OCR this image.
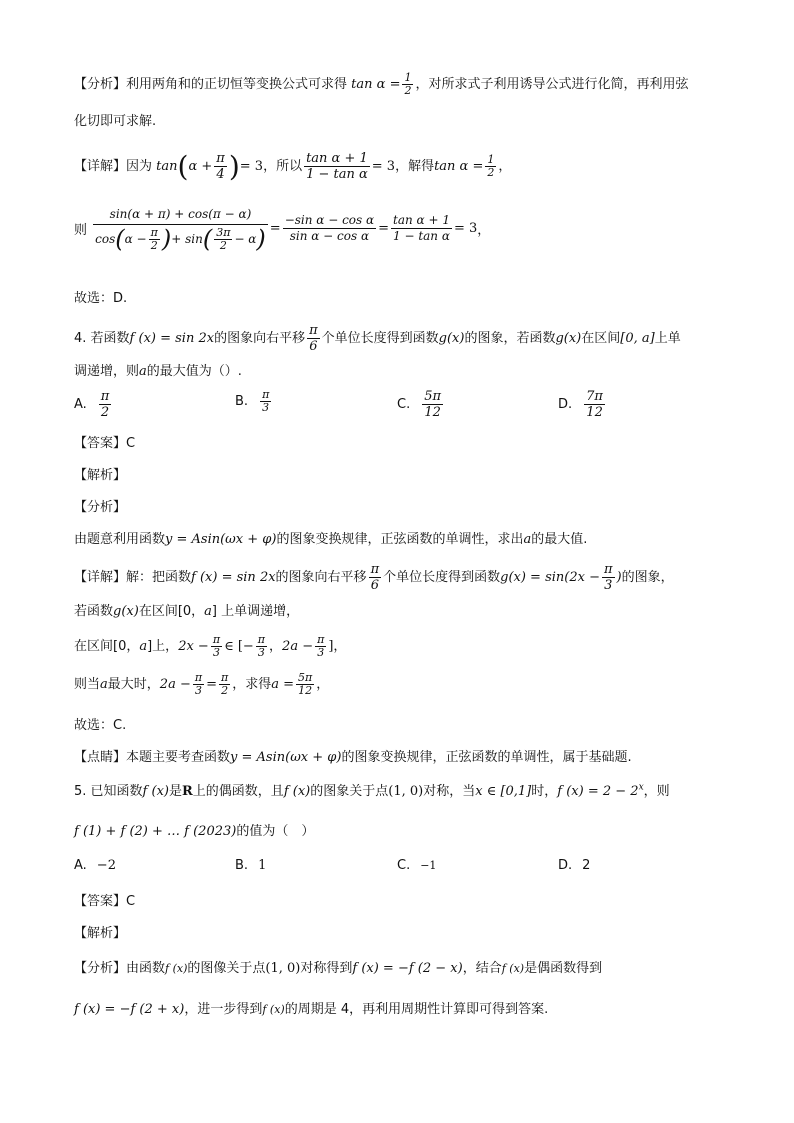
【分析】利用两角和的正切恒等变换公式可求得 $\tan \alpha = \frac{1}{2}$ ，对所求式子利用诱导公式进行化简，再利用弦
化切即可求解.
【详解】因为 $\tan(\alpha + \frac{\pi}{4}$ )= 3，所以 $\frac{\text{tan α + 1}}{\text{1 − tan α}} = 3$，解得$\tan \alpha = \frac{1}{2}$ ，
则 $\frac{\sin(\alpha + \pi) + \cos(\pi - \alpha)}{\cos(\alpha - \frac{\pi}{2} )+ \sin( \frac{3\pi}{2} - \alpha)} = \frac{\text{−sin α − cos α}}{\text{sin α − cos α}} = \frac{\text{tan α + 1}}{\text{1 − tan α}} = 3$，
故选：D.
4. 若函数f (x) = sin 2x的图象向右平移 $\frac{\pi}{6}$ 个单位长度得到函数g(x)的图象，若函数g(x)在区间[0, a]上单
调递增，则a的最大值为（）.
A. $\frac{\pi}{2}$	B. $\frac{\pi}{3}$	C. $\frac{5\pi}{12}$	D. $\frac{7\pi}{12}$
【答案】C
【解析】
【分析】
由题意利用函数y = Asin(ωx + φ)的图象变换规律，正弦函数的单调性，求出a的最大值.
【详解】解：把函数f (x) = sin 2x的图象向右平移 $\frac{\pi}{6}$ 个单位长度得到函数$g(x) = \sin(2x - \frac{\pi}{3}$ )的图象，
若函数g(x)在区间[0，a] 上单调递增，
在区间[0，a]上，$2x - \frac{\pi}{3}$ ∈ [− $\frac{\pi}{3}$ ，$2a - \frac{\pi}{3}$ ]，
则当a最大时，$2a - \frac{\pi}{3} = \frac{\pi}{2}$ ，求得$a = \frac{5\pi}{12}$ ，
故选：C.
【点睛】本题主要考查函数y = Asin(ωx + φ)的图象变换规律，正弦函数的单调性，属于基础题.
5. 已知函数f (x)是R上的偶函数，且f (x)的图象关于点(1, 0)对称，当x ∈ [0,1]时，f $(x) = 2 - 2^x$，则
f (1) + f (2) + … f (2023)的值为（　）
A. −2	B. 1	C. −1	D. 2
【答案】C
【解析】
【分析】由函数f (x)的图像关于点(1, 0)对称得到f (x) = −f (2 − x)，结合f (x)是偶函数得到
f (x) = −f (2 + x)，进一步得到f (x)的周期是 4，再利用周期性计算即可得到答案.
